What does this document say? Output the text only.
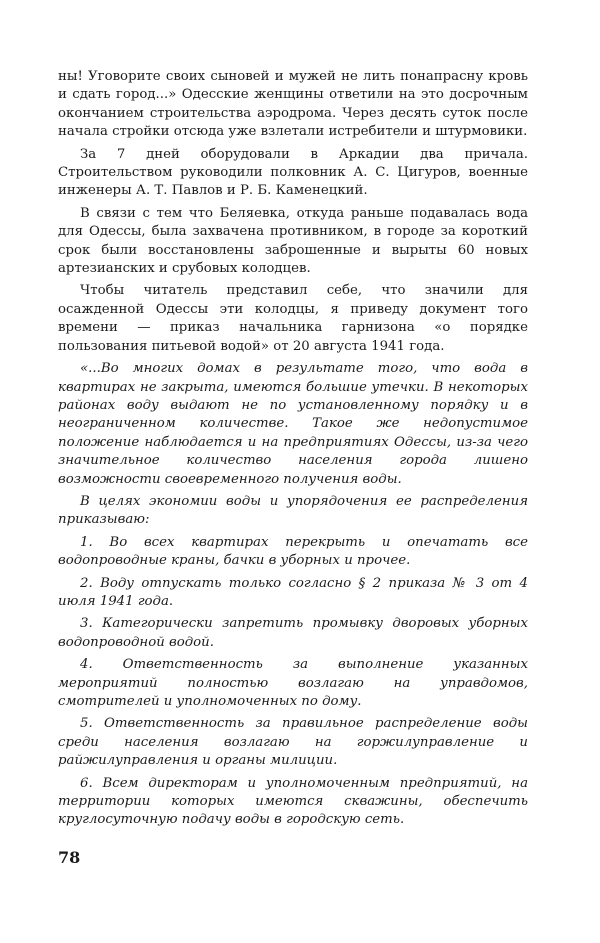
ны! Уговорите своих сыновей и мужей не лить понапрасну кровь и сдать город...» Одесские женщины ответили на это досрочным окончанием строительства аэродрома. Через десять суток после начала стройки отсюда уже взлетали истребители и штурмовики.

За 7 дней оборудовали в Аркадии два причала. Строительством руководили полковник А. С. Цигуров, военные инженеры А. Т. Павлов и Р. Б. Каменецкий.

В связи с тем что Беляевка, откуда раньше подавалась вода для Одессы, была захвачена противником, в городе за короткий срок были восстановлены заброшенные и вырыты 60 новых артезианских и срубовых колодцев.

Чтобы читатель представил себе, что значили для осажденной Одессы эти колодцы, я приведу документ того времени — приказ начальника гарнизона «о порядке пользования питьевой водой» от 20 августа 1941 года.

«...Во многих домах в результате того, что вода в квартирах не закрыта, имеются большие утечки. В некоторых районах воду выдают не по установленному порядку и в неограниченном количестве. Такое же недопустимое положение наблюдается и на предприятиях Одессы, из-за чего значительное количество населения города лишено возможности своевременного получения воды.

В целях экономии воды и упорядочения ее распределения приказываю:

1. Во всех квартирах перекрыть и опечатать все водопроводные краны, бачки в уборных и прочее.

2. Воду отпускать только согласно § 2 приказа № 3 от 4 июля 1941 года.

3. Категорически запретить промывку дворовых уборных водопроводной водой.

4. Ответственность за выполнение указанных мероприятий полностью возлагаю на управдомов, смотрителей и уполномоченных по дому.

5. Ответственность за правильное распределение воды среди населения возлагаю на горжилуправление и райжилуправления и органы милиции.

6. Всем директорам и уполномоченным предприятий, на территории которых имеются скважины, обеспечить круглосуточную подачу воды в городскую сеть.

78
